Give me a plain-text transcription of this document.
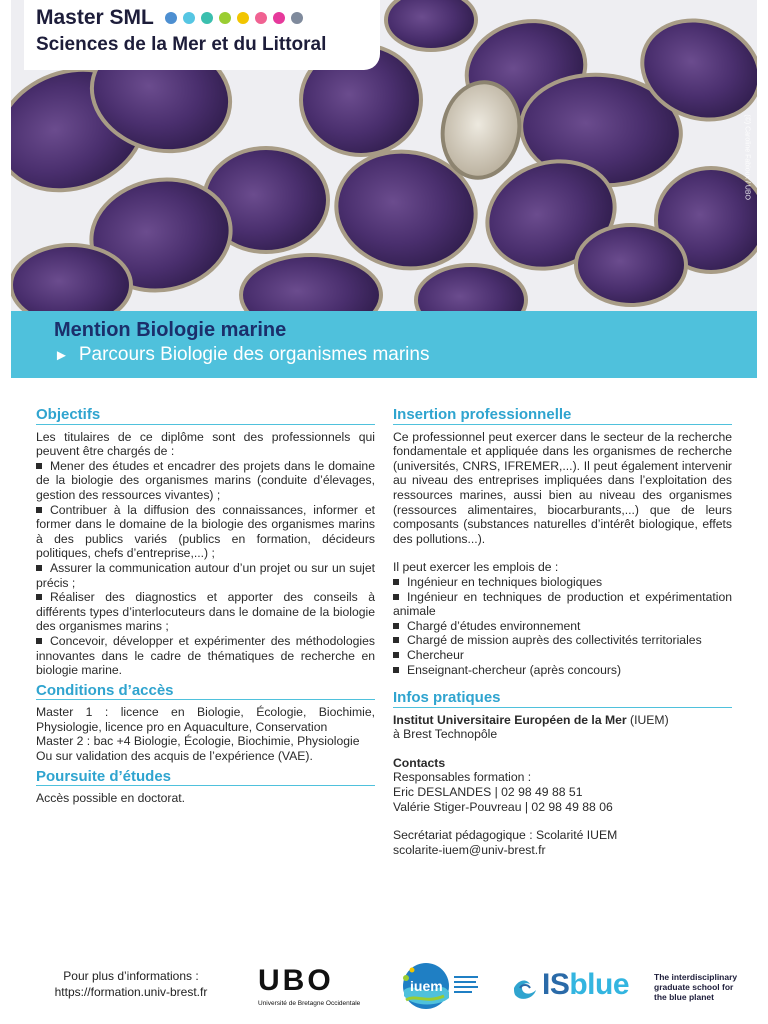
(©) Caroline Fabioux / UBO
Master SML
Sciences de la Mer et du Littoral
Mention Biologie marine
► Parcours Biologie des organismes marins
Objectifs
Les titulaires de ce diplôme sont des professionnels qui peuvent être chargés de :
Mener des études et encadrer des projets dans le domaine de la biologie des organismes marins (conduite d’élevages, gestion des ressources vivantes) ;
Contribuer à la diffusion des connaissances, informer et former dans le domaine de la biologie des organismes marins à des publics variés (publics en formation, décideurs politiques, chefs d’entreprise,...) ;
Assurer la communication autour d’un projet ou sur un sujet précis ;
Réaliser des diagnostics et apporter des conseils à différents types d’interlocuteurs dans le domaine de la biologie des organismes marins ;
Concevoir, développer et expérimenter des méthodologies innovantes dans le cadre de thématiques de recherche en biologie marine.
Conditions d’accès
Master 1 : licence en Biologie, Écologie, Biochimie, Physiologie, licence pro en Aquaculture, Conservation
Master 2 : bac +4 Biologie, Écologie, Biochimie, Physiologie
Ou sur validation des acquis de l’expérience (VAE).
Poursuite d’études
Accès possible en doctorat.
Insertion professionnelle
Ce professionnel peut exercer dans le secteur de la recherche fondamentale et appliquée dans les organismes de recherche (universités, CNRS, IFREMER,...). Il peut également intervenir au niveau des entreprises impliquées dans l’exploitation des ressources marines, aussi bien au niveau des organismes (ressources alimentaires, biocarburants,...) que de leurs composants (substances naturelles d’intérêt biologique, effets des pollutions...).
Il peut exercer les emplois de :
Ingénieur en techniques biologiques
Ingénieur en techniques de production et expérimentation animale
Chargé d’études environnement
Chargé de mission auprès des collectivités territoriales
Chercheur
Enseignant-chercheur (après concours)
Infos pratiques
Institut Universitaire Européen de la Mer (IUEM)
à Brest Technopôle
Contacts
Responsables formation :
Eric DESLANDES | 02 98 49 88 51
Valérie Stiger-Pouvreau | 02 98 49 88 06
Secrétariat pédagogique : Scolarité IUEM
scolarite-iuem@univ-brest.fr
Pour plus d’informations :
https://formation.univ-brest.fr	UBO
Université de Bretagne Occidentale
iuem	ISblue	The interdisciplinary graduate school for the blue planet
